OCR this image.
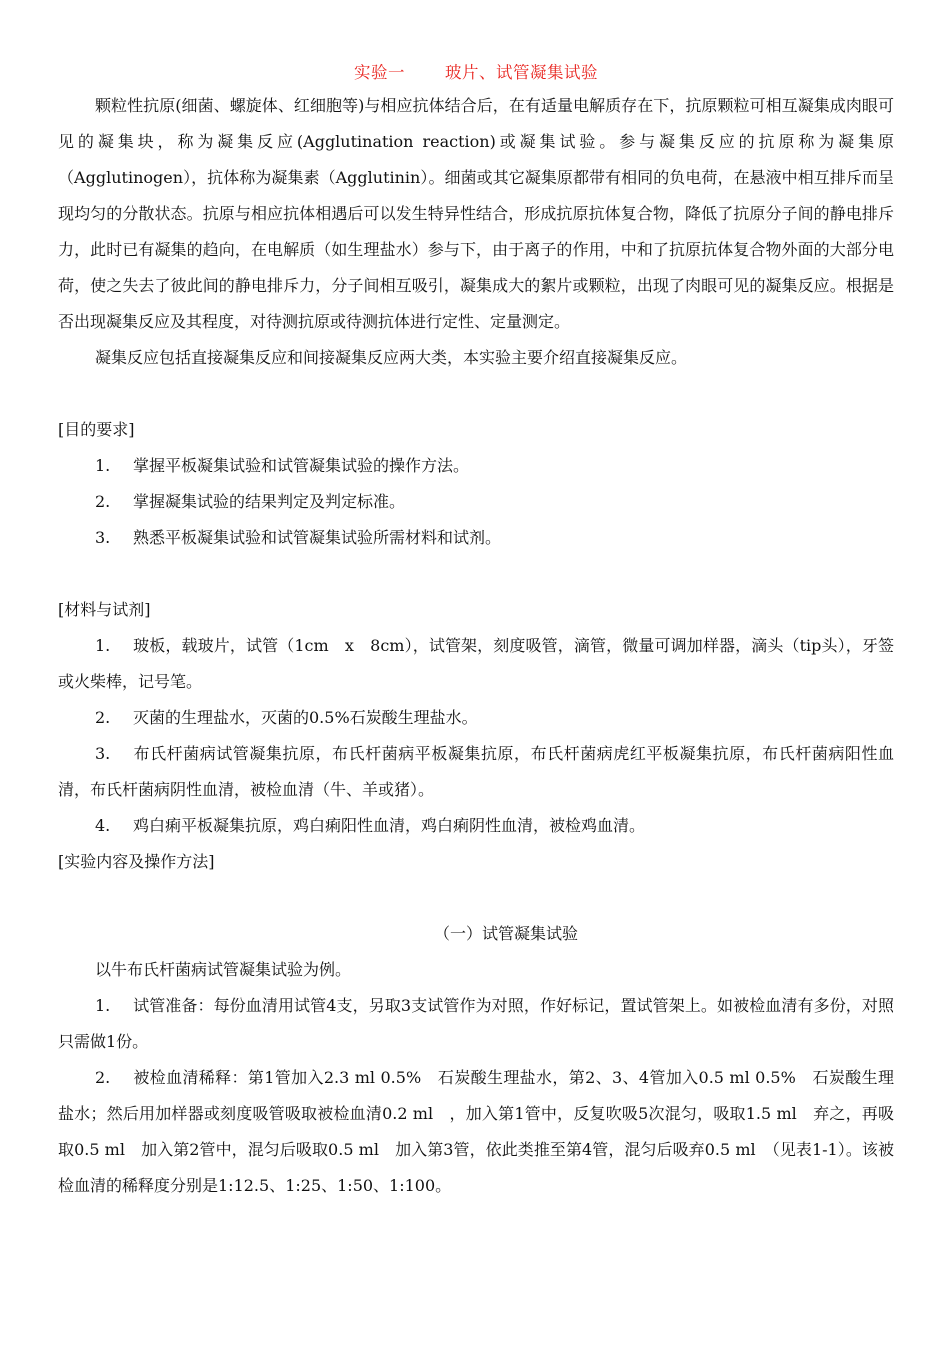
实验一 玻片、试管凝集试验

颗粒性抗原(细菌、螺旋体、红细胞等)与相应抗体结合后，在有适量电解质存在下，抗原颗粒可相互凝集成肉眼可见的凝集块，称为凝集反应(Agglutination reaction)或凝集试验。参与凝集反应的抗原称为凝集原（Agglutinogen），抗体称为凝集素（Agglutinin）。细菌或其它凝集原都带有相同的负电荷，在悬液中相互排斥而呈现均匀的分散状态。抗原与相应抗体相遇后可以发生特异性结合，形成抗原抗体复合物，降低了抗原分子间的静电排斥力，此时已有凝集的趋向，在电解质（如生理盐水）参与下，由于离子的作用，中和了抗原抗体复合物外面的大部分电荷，使之失去了彼此间的静电排斥力，分子间相互吸引，凝集成大的絮片或颗粒，出现了肉眼可见的凝集反应。根据是否出现凝集反应及其程度，对待测抗原或待测抗体进行定性、定量测定。

凝集反应包括直接凝集反应和间接凝集反应两大类，本实验主要介绍直接凝集反应。

[目的要求]

1. 掌握平板凝集试验和试管凝集试验的操作方法。

2. 掌握凝集试验的结果判定及判定标准。

3. 熟悉平板凝集试验和试管凝集试验所需材料和试剂。

[材料与试剂]

1. 玻板，载玻片，试管（1cm　x　8cm），试管架，刻度吸管，滴管，微量可调加样器，滴头（tip头），牙签或火柴棒，记号笔。

2. 灭菌的生理盐水，灭菌的0.5%石炭酸生理盐水。

3. 布氏杆菌病试管凝集抗原，布氏杆菌病平板凝集抗原，布氏杆菌病虎红平板凝集抗原，布氏杆菌病阳性血清，布氏杆菌病阴性血清，被检血清（牛、羊或猪）。

4. 鸡白痢平板凝集抗原，鸡白痢阳性血清，鸡白痢阴性血清，被检鸡血清。

[实验内容及操作方法]

（一）试管凝集试验

以牛布氏杆菌病试管凝集试验为例。

1. 试管准备：每份血清用试管4支，另取3支试管作为对照，作好标记，置试管架上。如被检血清有多份，对照只需做1份。

2. 被检血清稀释：第1管加入2.3 ml 0.5%　石炭酸生理盐水，第2、3、4管加入0.5 ml 0.5%　石炭酸生理盐水；然后用加样器或刻度吸管吸取被检血清0.2 ml　，加入第1管中，反复吹吸5次混匀，吸取1.5 ml　弃之，再吸取0.5 ml　加入第2管中，混匀后吸取0.5 ml　加入第3管，依此类推至第4管，混匀后吸弃0.5 ml　（见表1-1）。该被检血清的稀释度分别是1:12.5、1:25、1:50、1:100。
